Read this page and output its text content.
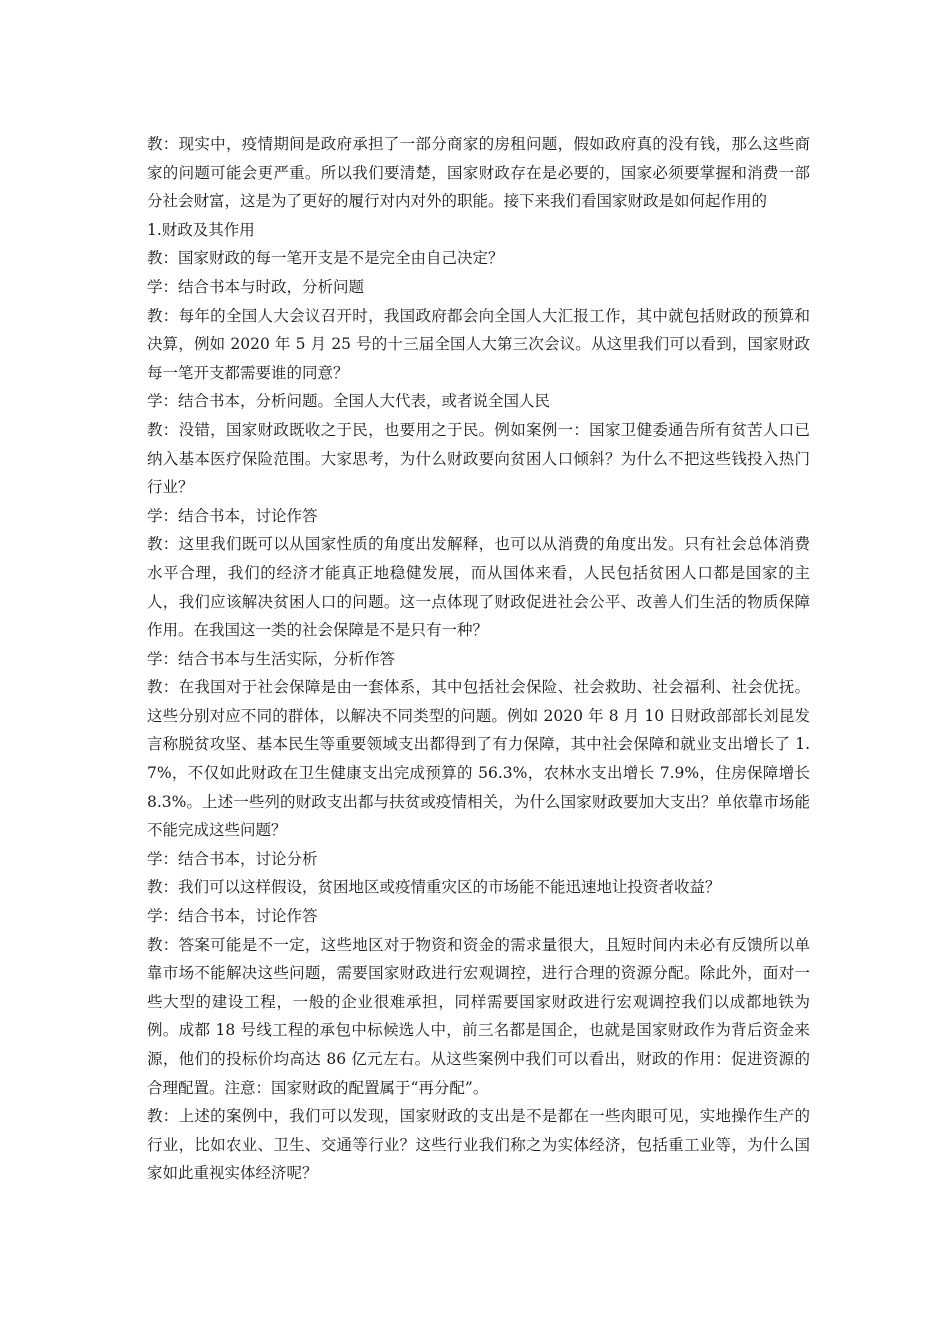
教：现实中，疫情期间是政府承担了一部分商家的房租问题，假如政府真的没有钱，那么这些商家的问题可能会更严重。所以我们要清楚，国家财政存在是必要的，国家必须要掌握和消费一部分社会财富，这是为了更好的履行对内对外的职能。接下来我们看国家财政是如何起作用的

1.财政及其作用

教：国家财政的每一笔开支是不是完全由自己决定？

学：结合书本与时政，分析问题

教：每年的全国人大会议召开时，我国政府都会向全国人大汇报工作，其中就包括财政的预算和决算，例如 2020 年 5 月 25 号的十三届全国人大第三次会议。从这里我们可以看到，国家财政每一笔开支都需要谁的同意？

学：结合书本，分析问题。全国人大代表，或者说全国人民

教：没错，国家财政既收之于民，也要用之于民。例如案例一：国家卫健委通告所有贫苦人口已纳入基本医疗保险范围。大家思考，为什么财政要向贫困人口倾斜？为什么不把这些钱投入热门行业？

学：结合书本，讨论作答

教：这里我们既可以从国家性质的角度出发解释，也可以从消费的角度出发。只有社会总体消费水平合理，我们的经济才能真正地稳健发展，而从国体来看，人民包括贫困人口都是国家的主人，我们应该解决贫困人口的问题。这一点体现了财政促进社会公平、改善人们生活的物质保障作用。在我国这一类的社会保障是不是只有一种？

学：结合书本与生活实际，分析作答

教：在我国对于社会保障是由一套体系，其中包括社会保险、社会救助、社会福利、社会优抚。这些分别对应不同的群体，以解决不同类型的问题。例如 2020 年 8 月 10 日财政部部长刘昆发言称脱贫攻坚、基本民生等重要领域支出都得到了有力保障，其中社会保障和就业支出增长了 1.7%，不仅如此财政在卫生健康支出完成预算的 56.3%，农林水支出增长 7.9%，住房保障增长 8.3%。上述一些列的财政支出都与扶贫或疫情相关，为什么国家财政要加大支出？单依靠市场能不能完成这些问题？

学：结合书本，讨论分析

教：我们可以这样假设，贫困地区或疫情重灾区的市场能不能迅速地让投资者收益？

学：结合书本，讨论作答

教：答案可能是不一定，这些地区对于物资和资金的需求量很大，且短时间内未必有反馈所以单靠市场不能解决这些问题，需要国家财政进行宏观调控，进行合理的资源分配。除此外，面对一些大型的建设工程，一般的企业很难承担，同样需要国家财政进行宏观调控我们以成都地铁为例。成都 18 号线工程的承包中标候选人中，前三名都是国企，也就是国家财政作为背后资金来源，他们的投标价均高达 86 亿元左右。从这些案例中我们可以看出，财政的作用：促进资源的合理配置。注意：国家财政的配置属于“再分配”。

教：上述的案例中，我们可以发现，国家财政的支出是不是都在一些肉眼可见，实地操作生产的行业，比如农业、卫生、交通等行业？这些行业我们称之为实体经济，包括重工业等，为什么国家如此重视实体经济呢？
